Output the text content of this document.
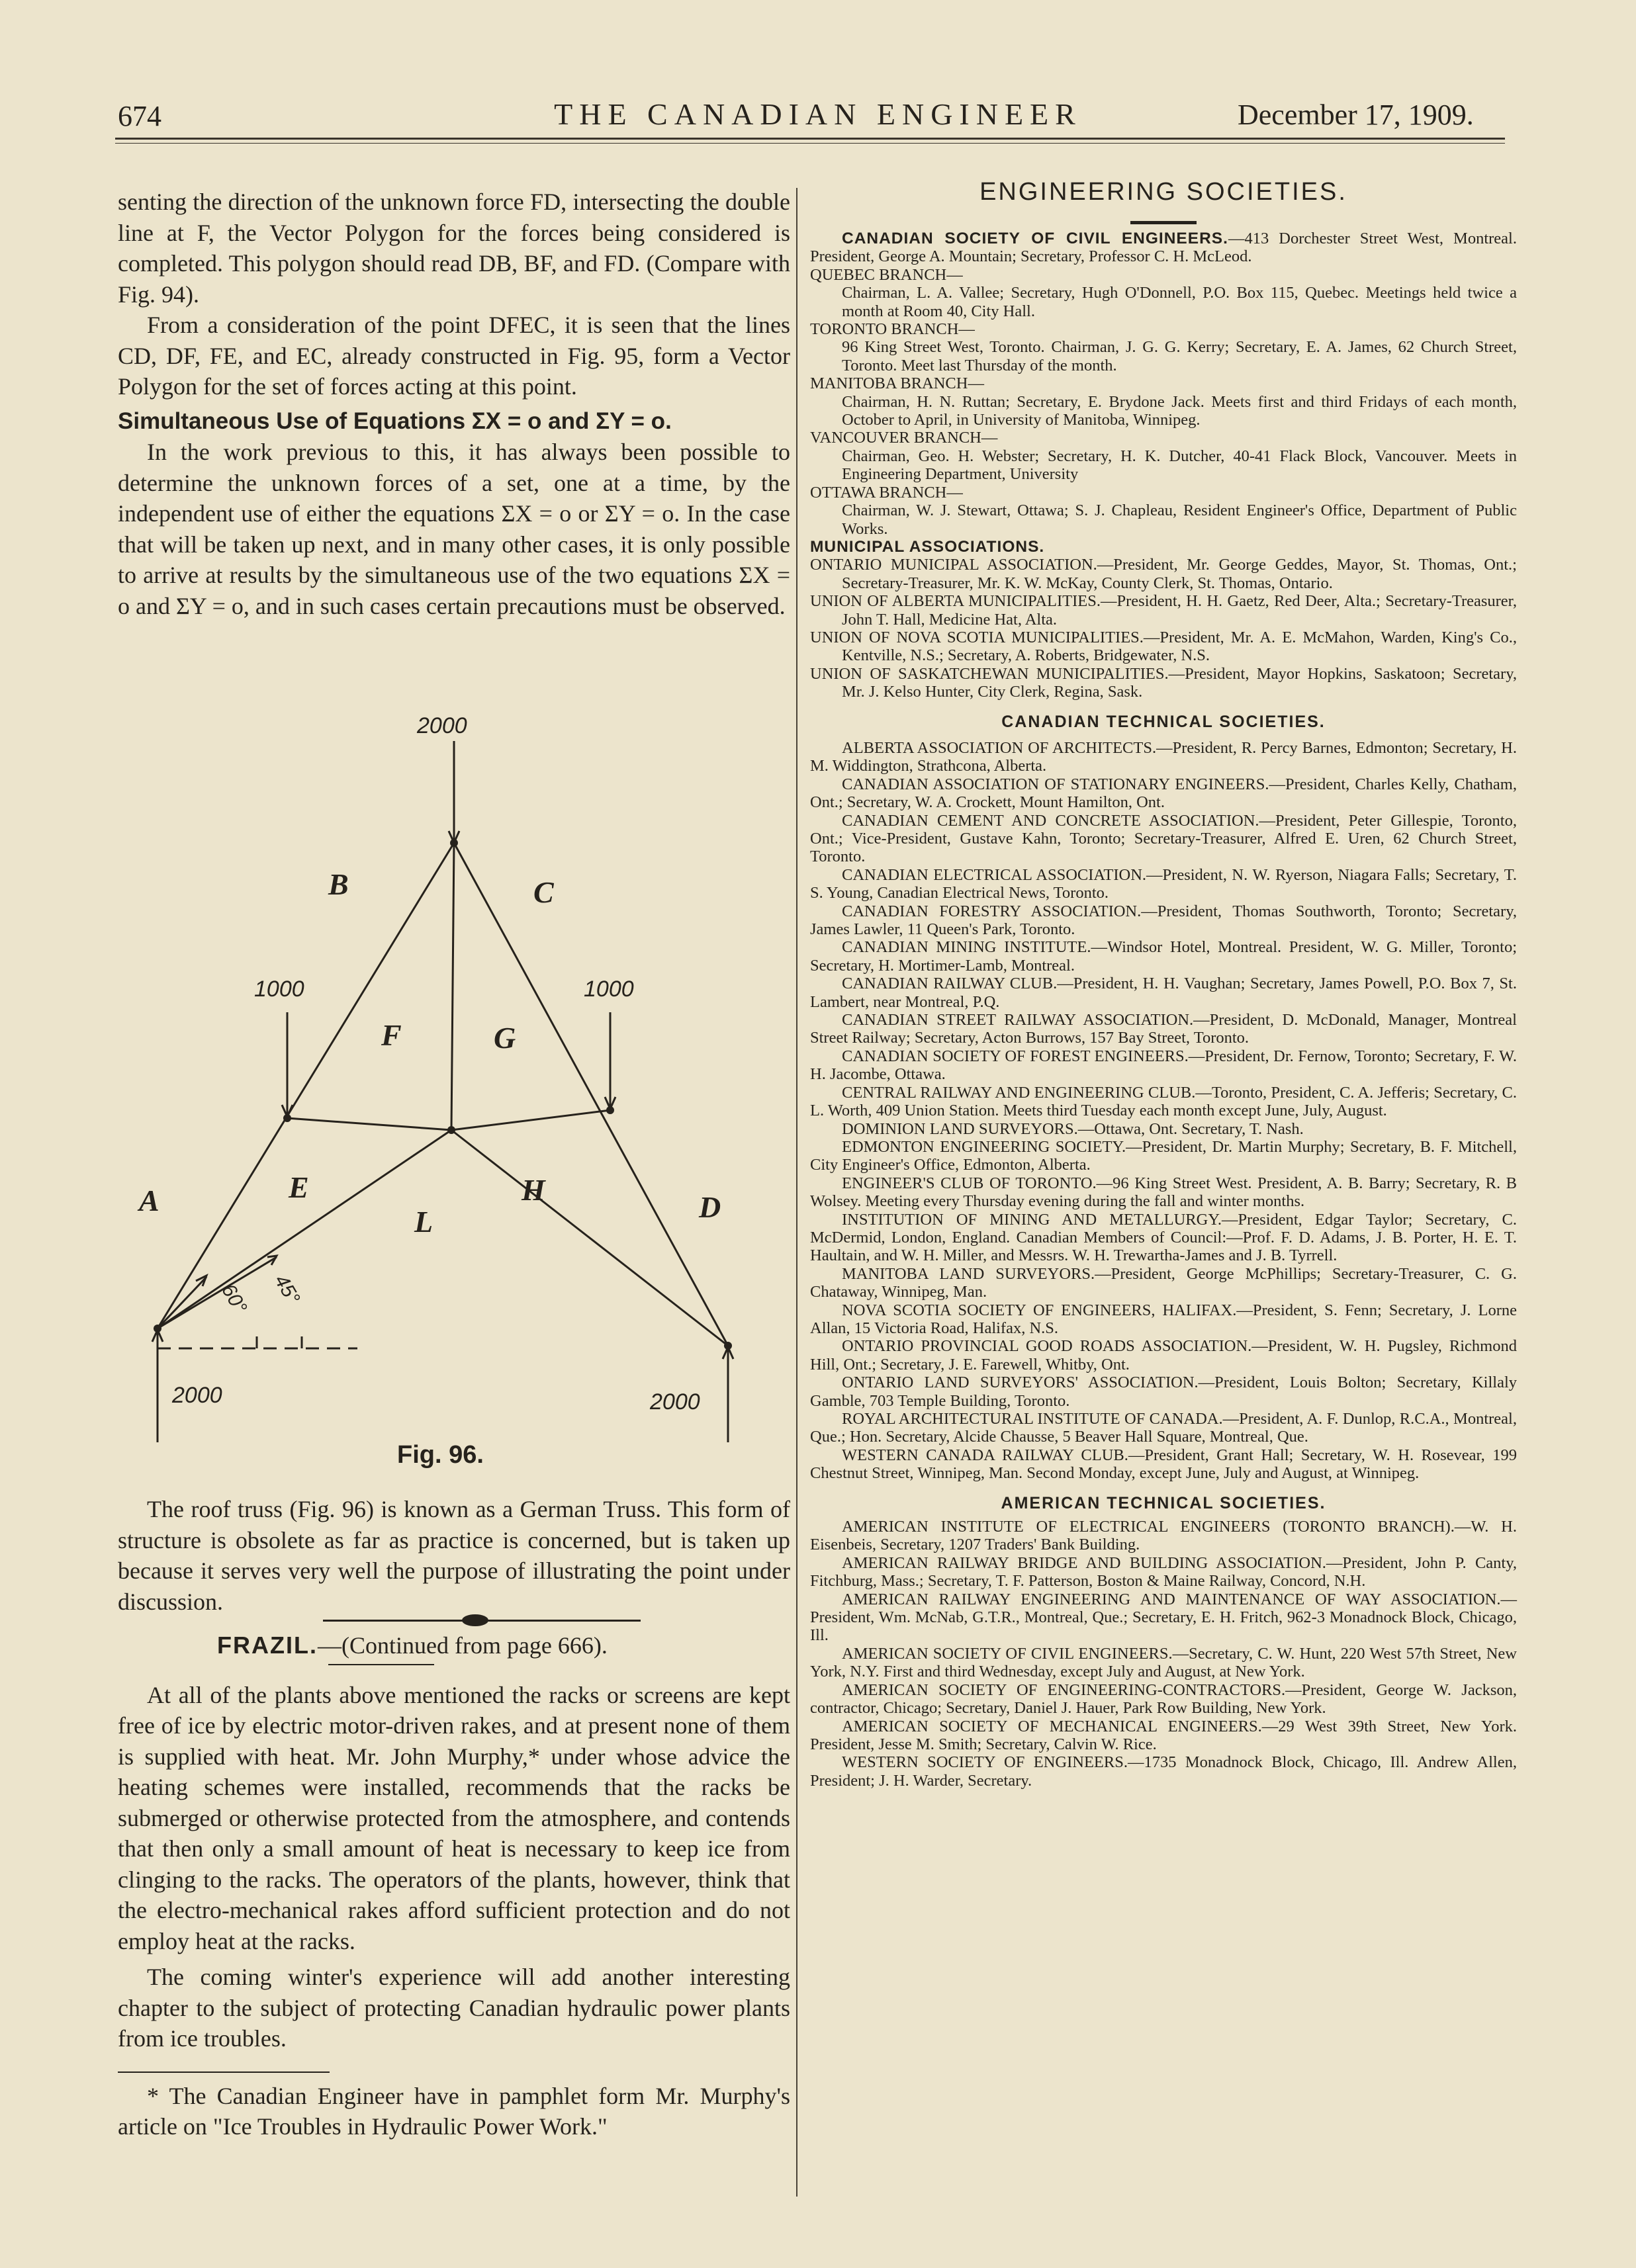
674	THE CANADIAN ENGINEER	December 17, 1909.

senting the direction of the unknown force FD, intersecting the double line at F, the Vector Polygon for the forces being considered is completed. This polygon should read DB, BF, and FD. (Compare with Fig. 94).

From a consideration of the point DFEC, it is seen that the lines CD, DF, FE, and EC, already constructed in Fig. 95, form a Vector Polygon for the set of forces acting at this point.

Simultaneous Use of Equations ΣX = o and ΣY = o.

In the work previous to this, it has always been possible to determine the unknown forces of a set, one at a time, by the independent use of either the equations ΣX = o or ΣY = o. In the case that will be taken up next, and in many other cases, it is only possible to arrive at results by the simultaneous use of the two equations ΣX = o and ΣY = o, and in such cases certain precautions must be observed.

2000
1000	1000
2000	2000
60° 45°
B	C
F	G
A	E	H
D
L
Fig. 96.

The roof truss (Fig. 96) is known as a German Truss. This form of structure is obsolete as far as practice is concerned, but is taken up because it serves very well the purpose of illustrating the point under discussion.

FRAZIL.—(Continued from page 666).

At all of the plants above mentioned the racks or screens are kept free of ice by electric motor-driven rakes, and at present none of them is supplied with heat. Mr. John Murphy,* under whose advice the heating schemes were installed, recommends that the racks be submerged or otherwise protected from the atmosphere, and contends that then only a small amount of heat is necessary to keep ice from clinging to the racks. The operators of the plants, however, think that the electro-mechanical rakes afford sufficient protection and do not employ heat at the racks.

The coming winter's experience will add another interesting chapter to the subject of protecting Canadian hydraulic power plants from ice troubles.

* The Canadian Engineer have in pamphlet form Mr. Murphy's article on "Ice Troubles in Hydraulic Power Work."

ENGINEERING SOCIETIES.

CANADIAN SOCIETY OF CIVIL ENGINEERS.—413 Dorchester Street West, Montreal. President, George A. Mountain; Secretary, Professor C. H. McLeod.

QUEBEC BRANCH—

Chairman, L. A. Vallee; Secretary, Hugh O'Donnell, P.O. Box 115, Quebec. Meetings held twice a month at Room 40, City Hall.

TORONTO BRANCH—

96 King Street West, Toronto. Chairman, J. G. G. Kerry; Secretary, E. A. James, 62 Church Street, Toronto. Meet last Thursday of the month.

MANITOBA BRANCH—

Chairman, H. N. Ruttan; Secretary, E. Brydone Jack. Meets first and third Fridays of each month, October to April, in University of Manitoba, Winnipeg.

VANCOUVER BRANCH—

Chairman, Geo. H. Webster; Secretary, H. K. Dutcher, 40-41 Flack Block, Vancouver. Meets in Engineering Department, University

OTTAWA BRANCH—

Chairman, W. J. Stewart, Ottawa; S. J. Chapleau, Resident Engineer's Office, Department of Public Works.

MUNICIPAL ASSOCIATIONS.

ONTARIO MUNICIPAL ASSOCIATION.—President, Mr. George Geddes, Mayor, St. Thomas, Ont.; Secretary-Treasurer, Mr. K. W. McKay, County Clerk, St. Thomas, Ontario.

UNION OF ALBERTA MUNICIPALITIES.—President, H. H. Gaetz, Red Deer, Alta.; Secretary-Treasurer, John T. Hall, Medicine Hat, Alta.

UNION OF NOVA SCOTIA MUNICIPALITIES.—President, Mr. A. E. McMahon, Warden, King's Co., Kentville, N.S.; Secretary, A. Roberts, Bridgewater, N.S.

UNION OF SASKATCHEWAN MUNICIPALITIES.—President, Mayor Hopkins, Saskatoon; Secretary, Mr. J. Kelso Hunter, City Clerk, Regina, Sask.

CANADIAN TECHNICAL SOCIETIES.

ALBERTA ASSOCIATION OF ARCHITECTS.—President, R. Percy Barnes, Edmonton; Secretary, H. M. Widdington, Strathcona, Alberta.

CANADIAN ASSOCIATION OF STATIONARY ENGINEERS.—President, Charles Kelly, Chatham, Ont.; Secretary, W. A. Crockett, Mount Hamilton, Ont.

CANADIAN CEMENT AND CONCRETE ASSOCIATION.—President, Peter Gillespie, Toronto, Ont.; Vice-President, Gustave Kahn, Toronto; Secretary-Treasurer, Alfred E. Uren, 62 Church Street, Toronto.

CANADIAN ELECTRICAL ASSOCIATION.—President, N. W. Ryerson, Niagara Falls; Secretary, T. S. Young, Canadian Electrical News, Toronto.

CANADIAN FORESTRY ASSOCIATION.—President, Thomas Southworth, Toronto; Secretary, James Lawler, 11 Queen's Park, Toronto.

CANADIAN MINING INSTITUTE.—Windsor Hotel, Montreal. President, W. G. Miller, Toronto; Secretary, H. Mortimer-Lamb, Montreal.

CANADIAN RAILWAY CLUB.—President, H. H. Vaughan; Secretary, James Powell, P.O. Box 7, St. Lambert, near Montreal, P.Q.

CANADIAN STREET RAILWAY ASSOCIATION.—President, D. McDonald, Manager, Montreal Street Railway; Secretary, Acton Burrows, 157 Bay Street, Toronto.

CANADIAN SOCIETY OF FOREST ENGINEERS.—President, Dr. Fernow, Toronto; Secretary, F. W. H. Jacombe, Ottawa.

CENTRAL RAILWAY AND ENGINEERING CLUB.—Toronto, President, C. A. Jefferis; Secretary, C. L. Worth, 409 Union Station. Meets third Tuesday each month except June, July, August.

DOMINION LAND SURVEYORS.—Ottawa, Ont. Secretary, T. Nash.

EDMONTON ENGINEERING SOCIETY.—President, Dr. Martin Murphy; Secretary, B. F. Mitchell, City Engineer's Office, Edmonton, Alberta.

ENGINEER'S CLUB OF TORONTO.—96 King Street West. President, A. B. Barry; Secretary, R. B Wolsey. Meeting every Thursday evening during the fall and winter months.

INSTITUTION OF MINING AND METALLURGY.—President, Edgar Taylor; Secretary, C. McDermid, London, England. Canadian Members of Council:—Prof. F. D. Adams, J. B. Porter, H. E. T. Haultain, and W. H. Miller, and Messrs. W. H. Trewartha-James and J. B. Tyrrell.

MANITOBA LAND SURVEYORS.—President, George McPhillips; Secretary-Treasurer, C. G. Chataway, Winnipeg, Man.

NOVA SCOTIA SOCIETY OF ENGINEERS, HALIFAX.—President, S. Fenn; Secretary, J. Lorne Allan, 15 Victoria Road, Halifax, N.S.

ONTARIO PROVINCIAL GOOD ROADS ASSOCIATION.—President, W. H. Pugsley, Richmond Hill, Ont.; Secretary, J. E. Farewell, Whitby, Ont.

ONTARIO LAND SURVEYORS' ASSOCIATION.—President, Louis Bolton; Secretary, Killaly Gamble, 703 Temple Building, Toronto.

ROYAL ARCHITECTURAL INSTITUTE OF CANADA.—President, A. F. Dunlop, R.C.A., Montreal, Que.; Hon. Secretary, Alcide Chausse, 5 Beaver Hall Square, Montreal, Que.

WESTERN CANADA RAILWAY CLUB.—President, Grant Hall; Secretary, W. H. Rosevear, 199 Chestnut Street, Winnipeg, Man. Second Monday, except June, July and August, at Winnipeg.

AMERICAN TECHNICAL SOCIETIES.

AMERICAN INSTITUTE OF ELECTRICAL ENGINEERS (TORONTO BRANCH).—W. H. Eisenbeis, Secretary, 1207 Traders' Bank Building.

AMERICAN RAILWAY BRIDGE AND BUILDING ASSOCIATION.—President, John P. Canty, Fitchburg, Mass.; Secretary, T. F. Patterson, Boston & Maine Railway, Concord, N.H.

AMERICAN RAILWAY ENGINEERING AND MAINTENANCE OF WAY ASSOCIATION.—President, Wm. McNab, G.T.R., Montreal, Que.; Secretary, E. H. Fritch, 962-3 Monadnock Block, Chicago, Ill.

AMERICAN SOCIETY OF CIVIL ENGINEERS.—Secretary, C. W. Hunt, 220 West 57th Street, New York, N.Y. First and third Wednesday, except July and August, at New York.

AMERICAN SOCIETY OF ENGINEERING-CONTRACTORS.—President, George W. Jackson, contractor, Chicago; Secretary, Daniel J. Hauer, Park Row Building, New York.

AMERICAN SOCIETY OF MECHANICAL ENGINEERS.—29 West 39th Street, New York. President, Jesse M. Smith; Secretary, Calvin W. Rice.

WESTERN SOCIETY OF ENGINEERS.—1735 Monadnock Block, Chicago, Ill. Andrew Allen, President; J. H. Warder, Secretary.
